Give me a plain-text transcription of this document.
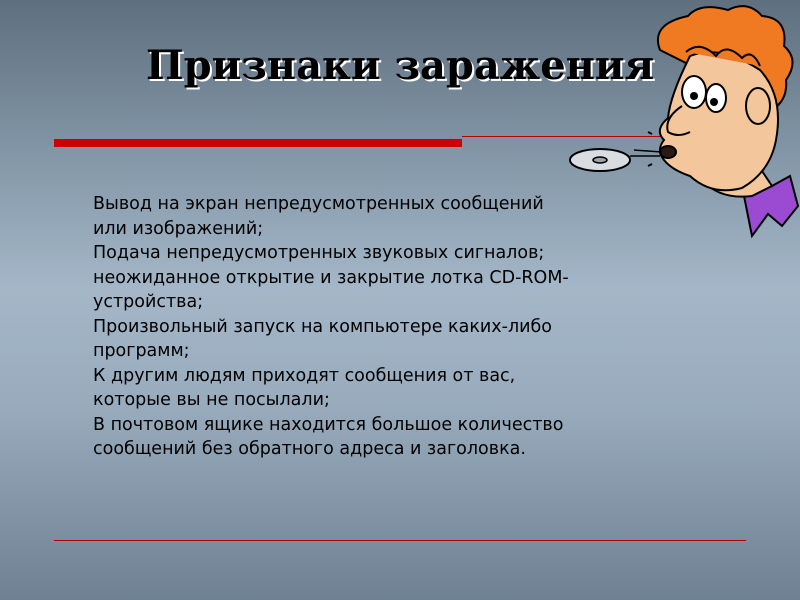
Признаки заражения
Вывод на экран непредусмотренных сообщений
или изображений;
Подача непредусмотренных звуковых сигналов;
неожиданное открытие и закрытие лотка CD-ROM-
устройства;
Произвольный запуск на компьютере каких-либо
программ;
К другим людям приходят сообщения от вас,
которые вы не посылали;
В почтовом ящике находится большое количество
сообщений без обратного адреса и заголовка.
